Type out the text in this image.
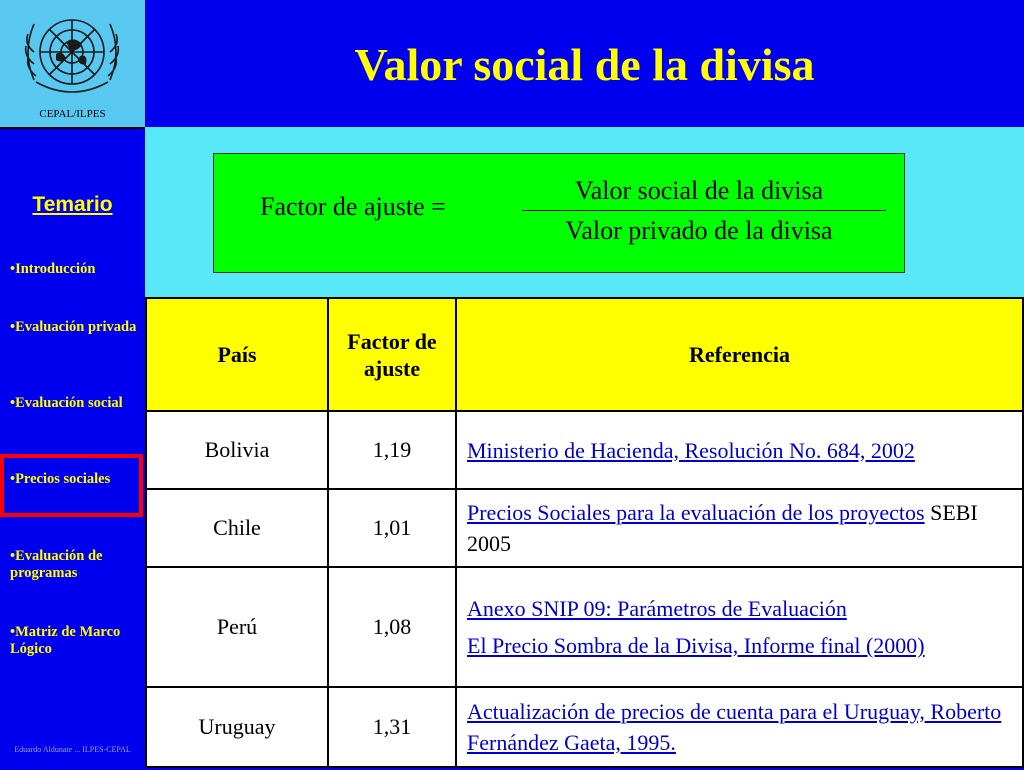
CEPAL/ILPES
Valor social de la divisa
Temario
•Introducción
•Evaluación privada
•Evaluación social
•Precios sociales
•Evaluación de programas
•Matriz de Marco Lógico
Eduardo Aldunate ... ILPES-CEPAL
Factor de ajuste =
Valor social de la divisa
Valor privado de la divisa
País	Factor de ajuste	Referencia
Bolivia	1,19	Ministerio de Hacienda, Resolución No. 684, 2002
Chile	1,01	Precios Sociales para la evaluación de los proyectos SEBI 2005
Perú	1,08	Anexo SNIP 09: Parámetros de Evaluación
El Precio Sombra de la Divisa, Informe final (2000)

Uruguay	1,31	Actualización de precios de cuenta para el Uruguay, Roberto Fernández Gaeta, 1995.
